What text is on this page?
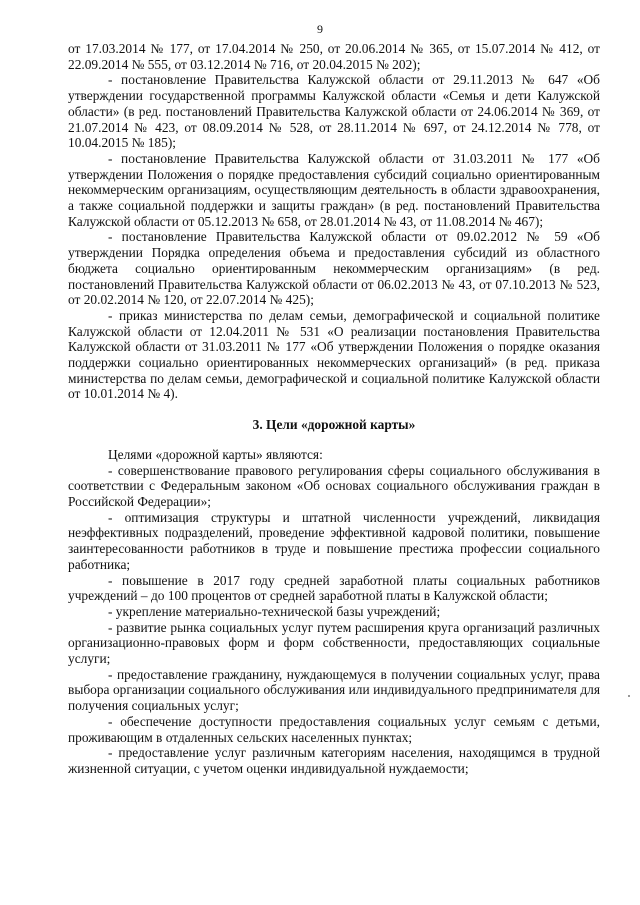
9

от 17.03.2014 № 177, от 17.04.2014 № 250, от 20.06.2014 № 365, от 15.07.2014 № 412, от 22.09.2014 № 555, от 03.12.2014 № 716, от 20.04.2015 № 202);

- постановление Правительства Калужской области от 29.11.2013 № 647 «Об утверждении государственной программы Калужской области «Семья и дети Калужской области» (в ред. постановлений Правительства Калужской области от 24.06.2014 № 369, от 21.07.2014 № 423, от 08.09.2014 № 528, от 28.11.2014 № 697, от 24.12.2014 № 778, от 10.04.2015 № 185);

- постановление Правительства Калужской области от 31.03.2011 № 177 «Об утверждении Положения о порядке предоставления субсидий социально ориентированным некоммерческим организациям, осуществляющим деятельность в области здравоохранения, а также социальной поддержки и защиты граждан» (в ред. постановлений Правительства Калужской области от 05.12.2013 № 658, от 28.01.2014 № 43, от 11.08.2014 № 467);

- постановление Правительства Калужской области от 09.02.2012 № 59 «Об утверждении Порядка определения объема и предоставления субсидий из областного бюджета социально ориентированным некоммерческим организациям» (в ред. постановлений Правительства Калужской области от 06.02.2013 № 43, от 07.10.2013 № 523, от 20.02.2014 № 120, от 22.07.2014 № 425);

- приказ министерства по делам семьи, демографической и социальной политике Калужской области от 12.04.2011 № 531 «О реализации постановления Правительства Калужской области от 31.03.2011 № 177 «Об утверждении Положения о порядке оказания поддержки социально ориентированных некоммерческих организаций» (в ред. приказа министерства по делам семьи, демографической и социальной политике Калужской области от 10.01.2014 № 4).

3. Цели «дорожной карты»

Целями «дорожной карты» являются:

- совершенствование правового регулирования сферы социального обслуживания в соответствии с Федеральным законом «Об основах социального обслуживания граждан в Российской Федерации»;

- оптимизация структуры и штатной численности учреждений, ликвидация неэффективных подразделений, проведение эффективной кадровой политики, повышение заинтересованности работников в труде и повышение престижа профессии социального работника;

- повышение в 2017 году средней заработной платы социальных работников учреждений – до 100 процентов от средней заработной платы в Калужской области;

- укрепление материально-технической базы учреждений;

- развитие рынка социальных услуг путем расширения круга организаций различных организационно-правовых форм и форм собственности, предоставляющих социальные услуги;

- предоставление гражданину, нуждающемуся в получении социальных услуг, права выбора организации социального обслуживания или индивидуального предпринимателя для получения социальных услуг;

- обеспечение доступности предоставления социальных услуг семьям с детьми, проживающим в отдаленных сельских населенных пунктах;

- предоставление услуг различным категориям населения, находящимся в трудной жизненной ситуации, с учетом оценки индивидуальной нуждаемости;
